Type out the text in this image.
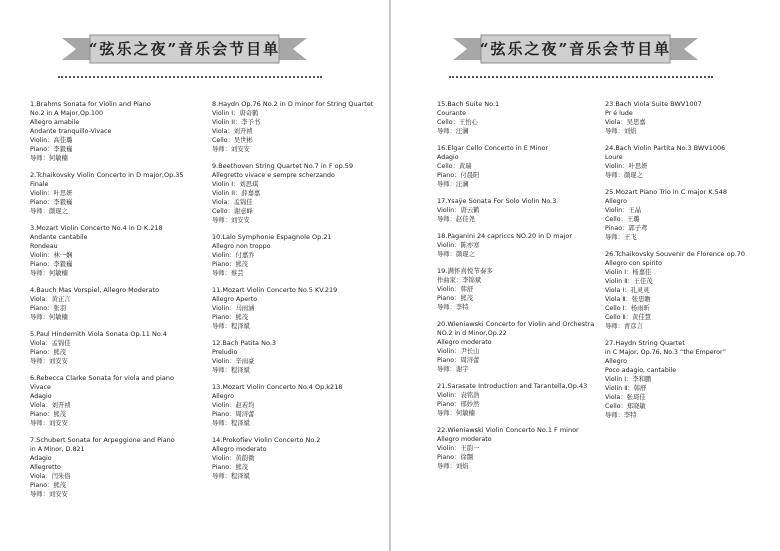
“弦乐之夜”音乐会节目单
1.Brahms Sonata for Violin and Piano
No.2 in A Major,Op.100
Allegro amabile
Andante tranquillo-Vivace
Violin：高佳璐
Piano：李毅巍
导师：何敏楠
2.Tchaikovsky Violin Concerto in D major,Op.35
Finale
Violin：叶思妍
Piano：李毅巍
导师：颜琨之
3.Mozart Violin Concerto No.4 in D K.218
Andante cantabile
Rondeau
Violin：林一娴
Piano：李毅巍
导师：何敏楠
4.Bauch Mas Vorspiel, Allegro Moderato
Viola：黄正言
Piano：张羽
导师：何敏楠
5.Paul Hindemith Viola Sonata Op.11 No.4
Viola：孟锦佳
Piano：熊茂
导师：刘安安
6.Rebecca Clarke Sonata for viola and piano
Vivace
Adagio
Viola：刘开祯
Piano：熊茂
导师：刘安安
7.Schubert Sonata for Arpeggione and Piano
in A Minor, D.821
Adagio
Allegretto
Viola：闫朱俗
Piano：熊茂
导师：刘安安
8.Haydn Op.76 No.2 in D minor for String Quartet
Violin I：唐奇鹤
Violin II：李予书
Viola：刘开祯
Cello：吴世彬
导师：刘安安
9.Beethoven String Quartet No.7 in F op.59
Allegretto vivace e sempre scherzando
Violin I：刘思琪
Violin II：薛嘉嘉
Viola：孟锦佳
Cello：谢意峰
导师：刘安安
10.Lalo Symphonie Espagnole Op.21
Allegro non troppo
Violin：付嘉乔
Piano：熊茂
导师：蔡芸
11.Mozart Violin Concerto No.5 KV.219
Allegro Aperto
Violin：马雨涵
Piano：熊茂
导师：程泽斌
12.Bach Patita No.3
Preludio
Violin：辛雨豪
导师：程泽斌
13.Mozart Violin Concerto No.4 Op.k218
Allegro
Violin：赵若均
Piano：周浔蕾
导师：程泽斌
14.Prokofiev Violin Concerto No.2
Allegro moderato
Violin：黄韵微
Piano：熊茂
导师：程泽斌
“弦乐之夜”音乐会节目单
15.Bach Suite No.1
Courante
Cello：王怡心
导师：汪澜
16.Elgar Cello Concerto in E Minor
Adagio
Cello：黄瑞
Piano：付晨阳
导师：汪澜
17.Ysaÿe Sonata For Solo Violin No.3
Violin：唐云鹤
导师：赵佳尧
18.Paganini 24 capriccs NO.20 in D major
Violin：陈亦寒
导师：颜琨之
19.满怀喜悦节奏多
作曲家：李锦斌
Violin：韩舒
Piano：熊茂
导师：李特
20.Wieniawski Concerto for Violin and Orchestra
NO.2 in d Minor,Op.22
Allegro moderato
Violin：尹长山
Piano：周浔蕾
导师：谢宇
21.Sarasate Introduction and Tarantella,Op.43
Violin：袁铭浩
Piano：邢妙然
导师：何敏楠
22.Wieniawski Violin Concerto No.1 F minor
Allegro moderato
Violin：王韵一
Piano：徐翾
导师：刘焰
23.Bach Viola Suite BWV1007
Pr é lude
Viola：吴思嘉
导师：刘焰
24.Bach Violin Partita No.3 BWV1006
Loure
Violin：叶思妍
导师：颜琨之
25.Mozart Piano Trio in C major K.548
Allegro
Violin：王晶
Cello：王璐
Pinao：郭子鸢
导师：王飞
26.Tchaikovsky Souvenir de Florence op.70
Allegro con spirito
Violin Ⅰ：杨嘉佳
Violin Ⅱ：王佳茂
Viola Ⅰ：孔灵灵
Viola Ⅱ：张思瞻
Cello Ⅰ：杨雨昕
Cello Ⅱ：黄佳慧
导师：青彦言
27.Haydn String Quartet
in C Major, Op.76, No.3 “the Emperor”
Allegro
Poco adagio, cantabile
Violin Ⅰ：李和鹏
Violin Ⅱ：韩舒
Viola：张琦佳
Cello：郑晓敏
导师：李特
